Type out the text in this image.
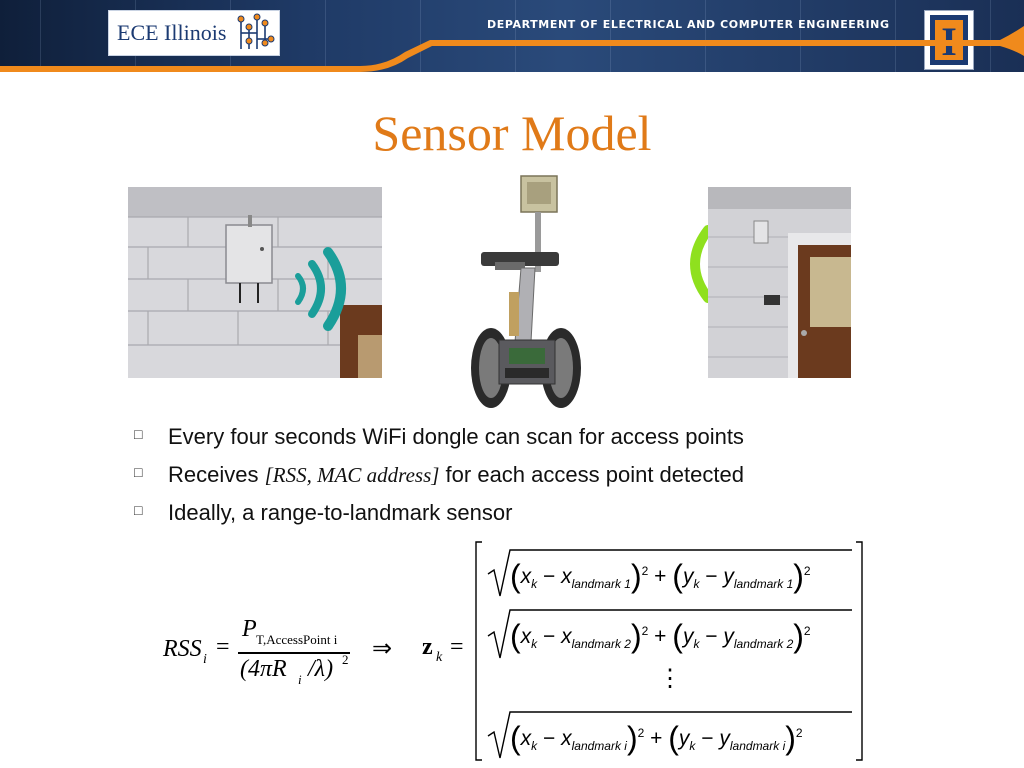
ECE Illinois	DEPARTMENT OF ELECTRICAL AND COMPUTER ENGINEERING
Sensor Model
□ Every four seconds WiFi dongle can scan for access points
□ Receives [RSS, MAC address] for each access point detected
□ Ideally, a range-to-landmark sensor
RSS i =
P T,AccessPoint i
(4πR i /λ) 2 ⇒ z k =
$(x_k - x_{landmark 1})^2 + (y_k - y_{landmark 1})^2$
$(x_k - x_{landmark 2})^2 + (y_k - y_{landmark 2})^2$
⋮
$(x_k - x_{landmark i})^2 + (y_k - y_{landmark i})^2$
